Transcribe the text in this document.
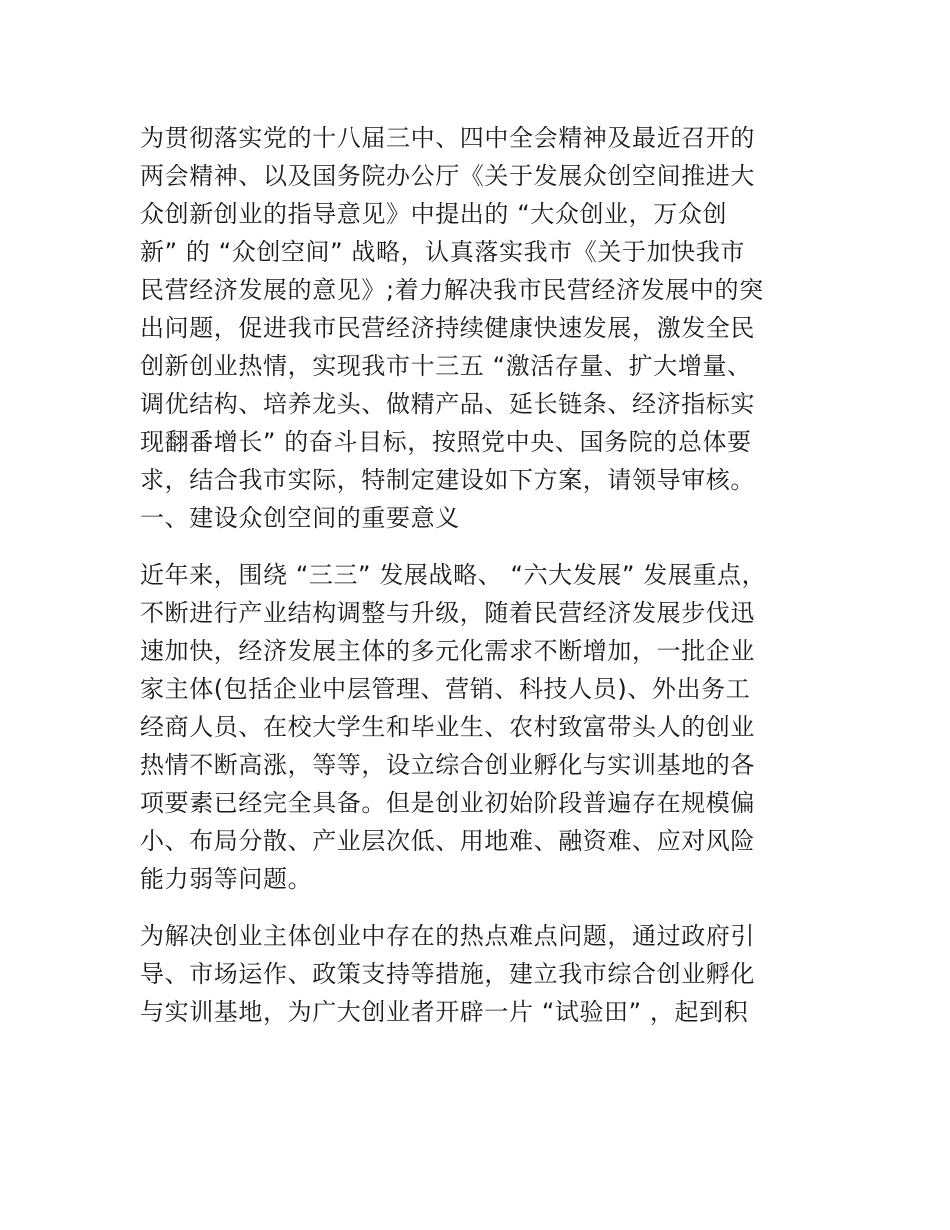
为贯彻落实党的十八届三中、四中全会精神及最近召开的
两会精神、以及国务院办公厅《关于发展众创空间推进大
众创新创业的指导意见》中提出的 “大众创业，万众创
新” 的 “众创空间” 战略，认真落实我市《关于加快我市
民营经济发展的意见》;着力解决我市民营经济发展中的突
出问题，促进我市民营经济持续健康快速发展，激发全民
创新创业热情，实现我市十三五 “激活存量、扩大增量、
调优结构、培养龙头、做精产品、延长链条、经济指标实
现翻番增长” 的奋斗目标，按照党中央、国务院的总体要
求，结合我市实际，特制定建设如下方案，请领导审核。
一、建设众创空间的重要意义
近年来，围绕 “三三” 发展战略、 “六大发展” 发展重点，
不断进行产业结构调整与升级，随着民营经济发展步伐迅
速加快，经济发展主体的多元化需求不断增加，一批企业
家主体(包括企业中层管理、营销、科技人员)、外出务工
经商人员、在校大学生和毕业生、农村致富带头人的创业
热情不断高涨，等等，设立综合创业孵化与实训基地的各
项要素已经完全具备。但是创业初始阶段普遍存在规模偏
小、布局分散、产业层次低、用地难、融资难、应对风险
能力弱等问题。
为解决创业主体创业中存在的热点难点问题，通过政府引
导、市场运作、政策支持等措施，建立我市综合创业孵化
与实训基地，为广大创业者开辟一片 “试验田” ，起到积
